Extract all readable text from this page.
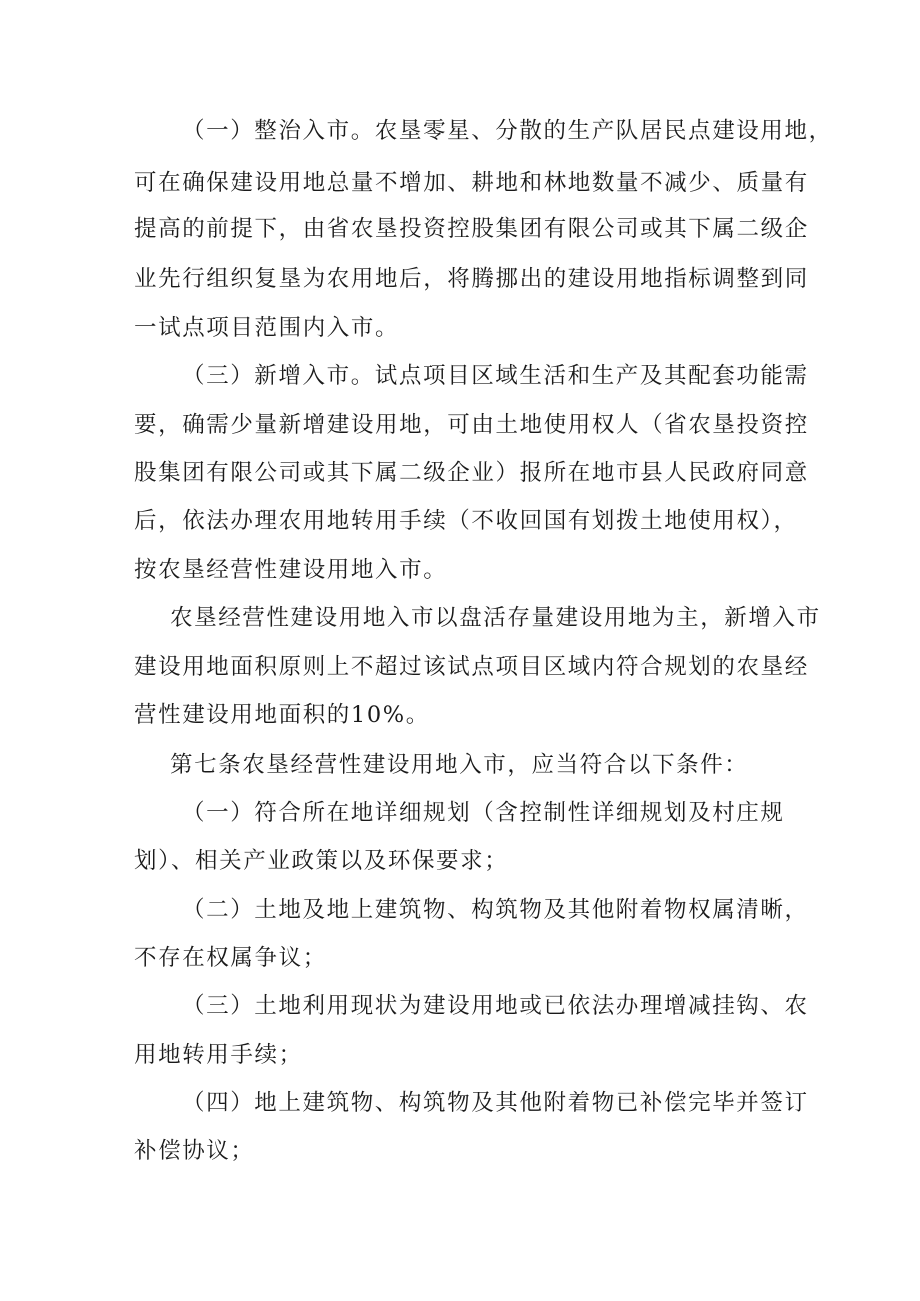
（一）整治入市。农垦零星、分散的生产队居民点建设用地，
可在确保建设用地总量不增加、耕地和林地数量不减少、质量有
提高的前提下，由省农垦投资控股集团有限公司或其下属二级企
业先行组织复垦为农用地后，将腾挪出的建设用地指标调整到同
一试点项目范围内入市。
（三）新增入市。试点项目区域生活和生产及其配套功能需
要，确需少量新增建设用地，可由土地使用权人（省农垦投资控
股集团有限公司或其下属二级企业）报所在地市县人民政府同意
后，依法办理农用地转用手续（不收回国有划拨土地使用权），
按农垦经营性建设用地入市。
农垦经营性建设用地入市以盘活存量建设用地为主，新增入市
建设用地面积原则上不超过该试点项目区域内符合规划的农垦经
营性建设用地面积的10%。
第七条农垦经营性建设用地入市，应当符合以下条件：
（一）符合所在地详细规划（含控制性详细规划及村庄规
划）、相关产业政策以及环保要求；
（二）土地及地上建筑物、构筑物及其他附着物权属清晰，
不存在权属争议；
（三）土地利用现状为建设用地或已依法办理增减挂钩、农
用地转用手续；
（四）地上建筑物、构筑物及其他附着物已补偿完毕并签订
补偿协议；
